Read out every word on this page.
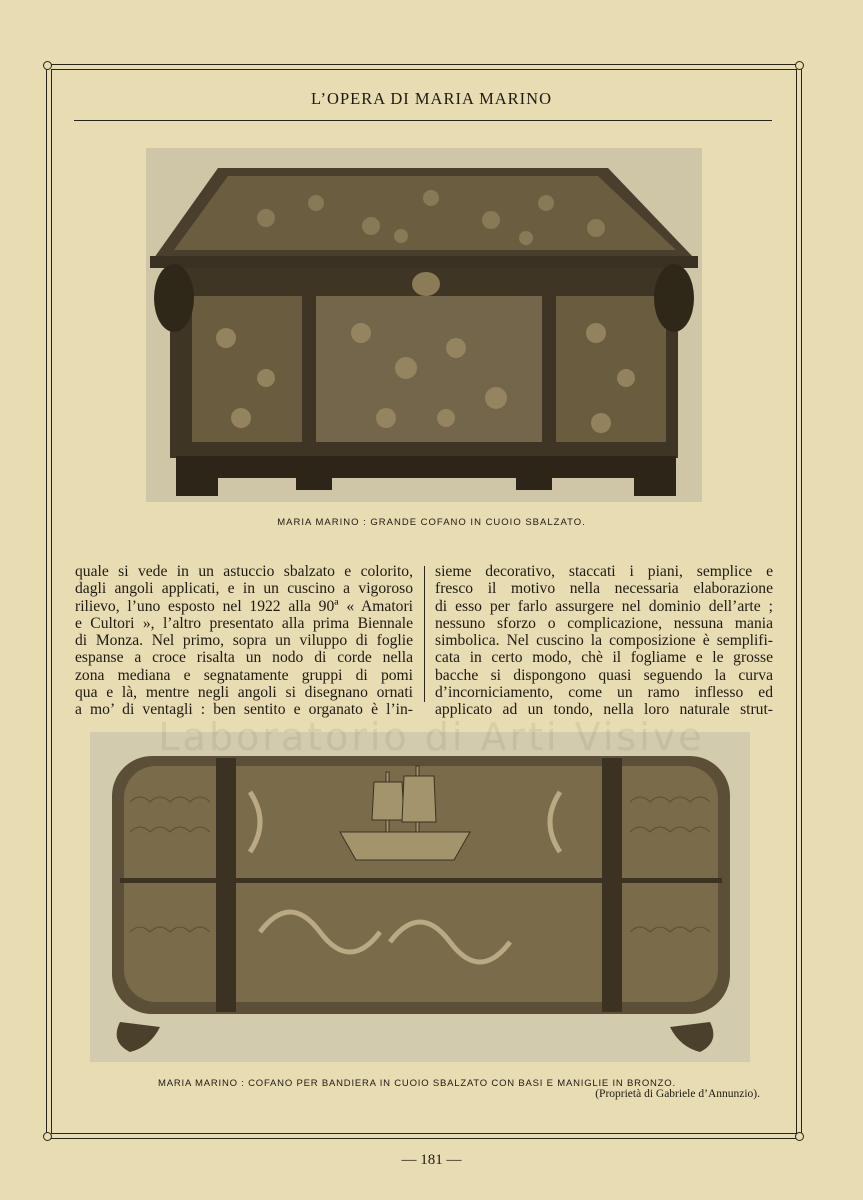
L’OPERA DI MARIA MARINO
MARIA MARINO : GRANDE COFANO IN CUOIO SBALZATO.
quale si vede in un astuccio sbalzato e colorito,
dagli angoli applicati, e in un cuscino a vigoroso
rilievo, l’uno esposto nel 1922 alla 90ª « Amatori
e Cultori », l’altro presentato alla prima Biennale
di Monza. Nel primo, sopra un viluppo di foglie
espanse a croce risalta un nodo di corde nella
zona mediana e segnatamente gruppi di pomi
qua e là, mentre negli angoli si disegnano ornati
a mo’ di ventagli : ben sentito e organato è l’in-
sieme decorativo, staccati i piani, semplice e
fresco il motivo nella necessaria elaborazione
di esso per farlo assurgere nel dominio dell’arte ;
nessuno sforzo o complicazione, nessuna mania
simbolica. Nel cuscino la composizione è semplifi-
cata in certo modo, chè il fogliame e le grosse
bacche si dispongono quasi seguendo la curva
d’incorniciamento, come un ramo inflesso ed
applicato ad un tondo, nella loro naturale strut-
MARIA MARINO : COFANO PER BANDIERA IN CUOIO SBALZATO CON BASI E MANIGLIE IN BRONZO.
(Proprietà di Gabriele d’Annunzio).
— 181 —
